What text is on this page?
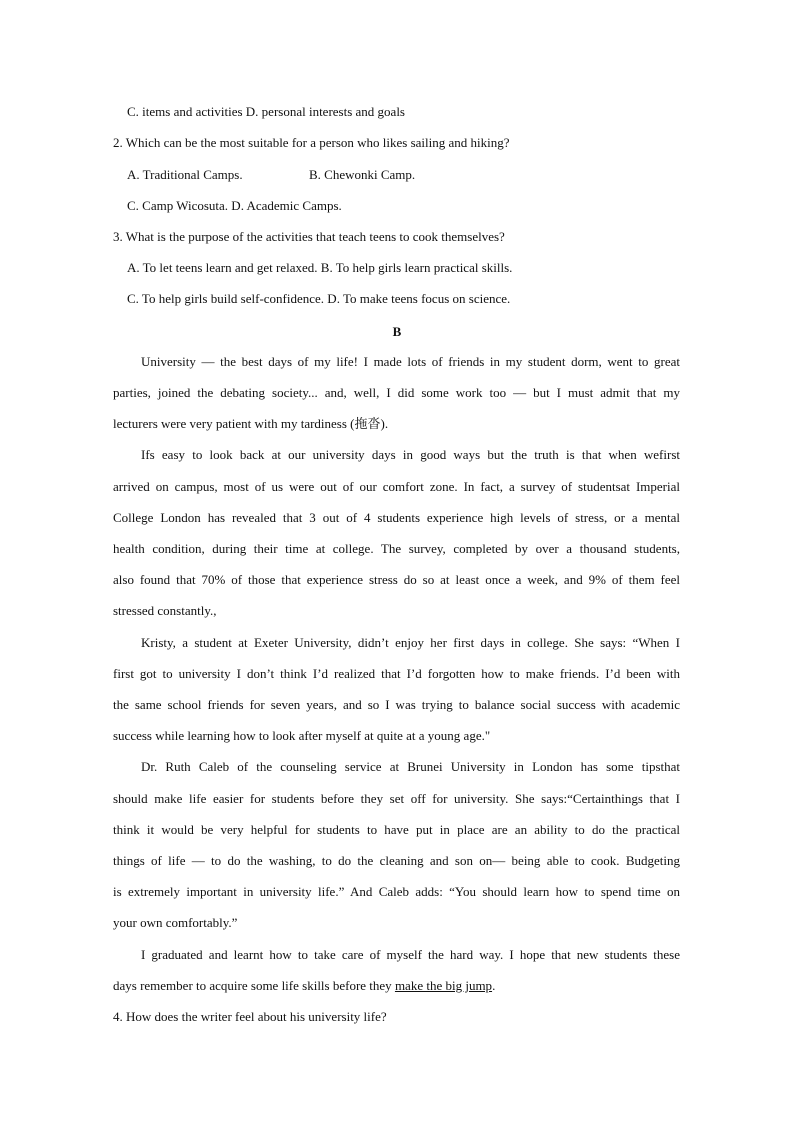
C. items and activities D. personal interests and goals
2. Which can be the most suitable for a person who likes sailing and hiking?
A. Traditional Camps.	B. Chewonki Camp.
C. Camp Wicosuta. D. Academic Camps.
3. What is the purpose of the activities that teach teens to cook themselves?
A. To let teens learn and get relaxed. B. To help girls learn practical skills.
C. To help girls build self-confidence. D. To make teens focus on science.
B
University — the best days of my life! I made lots of friends in my student dorm, went to great
parties, joined the debating society... and, well, I did some work too — but I must admit that my
lecturers were very patient with my tardiness (拖沓).
Ifs easy to look back at our university days in good ways but the truth is that when wefirst
arrived on campus, most of us were out of our comfort zone. In fact, a survey of studentsat Imperial
College London has revealed that 3 out of 4 students experience high levels of stress, or a mental
health condition, during their time at college. The survey, completed by over a thousand students,
also found that 70% of those that experience stress do so at least once a week, and 9% of them feel
stressed constantly.,
Kristy, a student at Exeter University, didn’t enjoy her first days in college. She says: “When I
first got to university I don’t think I’d realized that I’d forgotten how to make friends. I’d been with
the same school friends for seven years, and so I was trying to balance social success with academic
success while learning how to look after myself at quite at a young age."
Dr. Ruth Caleb of the counseling service at Brunei University in London has some tipsthat
should make life easier for students before they set off for university. She says:“Certainthings that I
think it would be very helpful for students to have put in place are an ability to do the practical
things of life — to do the washing, to do the cleaning and son on— being able to cook. Budgeting
is extremely important in university life.” And Caleb adds: “You should learn how to spend time on
your own comfortably.”
I graduated and learnt how to take care of myself the hard way. I hope that new students these
days remember to acquire some life skills before they make the big jump.
4. How does the writer feel about his university life?
